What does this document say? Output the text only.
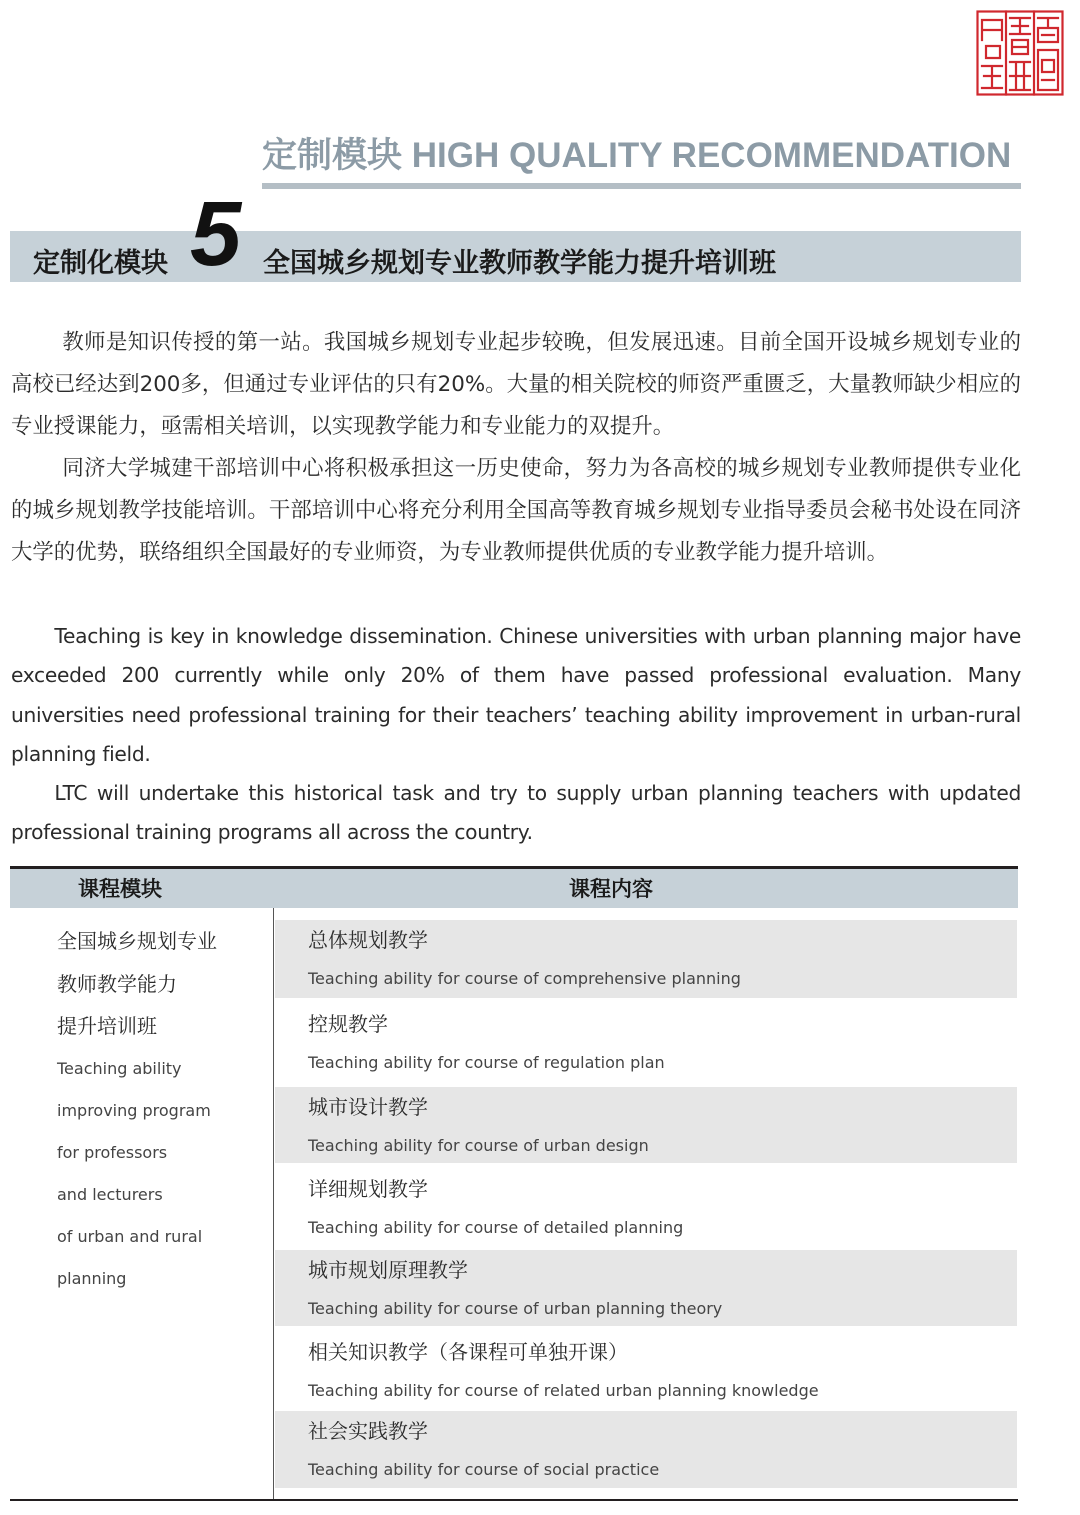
定制模块 HIGH QUALITY RECOMMENDATION
定制化模块 5 全国城乡规划专业教师教学能力提升培训班

教师是知识传授的第一站。我国城乡规划专业起步较晚，但发展迅速。目前全国开设城乡规划专业的高校已经达到200多，但通过专业评估的只有20%。大量的相关院校的师资严重匮乏，大量教师缺少相应的专业授课能力，亟需相关培训，以实现教学能力和专业能力的双提升。

同济大学城建干部培训中心将积极承担这一历史使命，努力为各高校的城乡规划专业教师提供专业化的城乡规划教学技能培训。干部培训中心将充分利用全国高等教育城乡规划专业指导委员会秘书处设在同济大学的优势，联络组织全国最好的专业师资，为专业教师提供优质的专业教学能力提升培训。

Teaching is key in knowledge dissemination. Chinese universities with urban planning major have exceeded 200 currently while only 20% of them have passed professional evaluation. Many universities need professional training for their teachers’ teaching ability improvement in urban-rural planning field.

LTC will undertake this historical task and try to supply urban planning teachers with updated professional training programs all across the country.

课程模块	课程内容
全国城乡规划专业
教师教学能力
提升培训班
Teaching ability
improving program
for professors
and lecturers
of urban and rural
planning
总体规划教学
Teaching ability for course of comprehensive planning
控规教学
Teaching ability for course of regulation plan
城市设计教学
Teaching ability for course of urban design
详细规划教学
Teaching ability for course of detailed planning
城市规划原理教学
Teaching ability for course of urban planning theory
相关知识教学（各课程可单独开课）
Teaching ability for course of related urban planning knowledge
社会实践教学
Teaching ability for course of social practice
